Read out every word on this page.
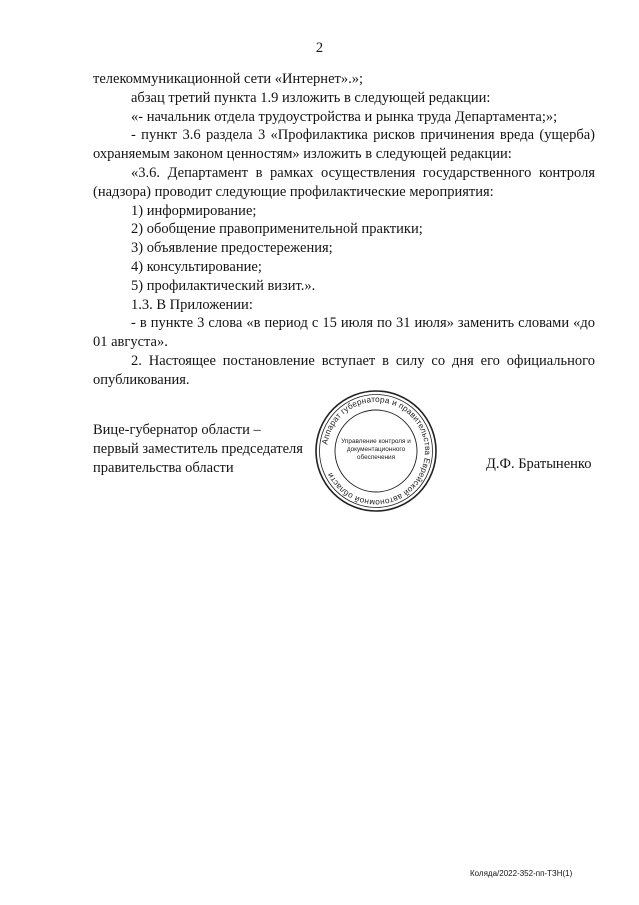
2

телекоммуникационной сети «Интернет».»;

абзац третий пункта 1.9 изложить в следующей редакции:

«- начальник отдела трудоустройства и рынка труда Департамента;»;

- пункт 3.6 раздела 3 «Профилактика рисков причинения вреда (ущерба) охраняемым законом ценностям» изложить в следующей редакции:

«3.6. Департамент в рамках осуществления государственного контроля (надзора) проводит следующие профилактические мероприятия:

1) информирование;

2) обобщение правоприменительной практики;

3) объявление предостережения;

4) консультирование;

5) профилактический визит.».

1.3. В Приложении:

- в пункте 3 слова «в период с 15 июля по 31 июля» заменить словами «до 01 августа».

2. Настоящее постановление вступает в силу со дня его официального опубликования.

Вице-губернатор области –
первый заместитель председателя
правительства области
Аппарат губернатора и правительства Еврейской автономной области
Управление контроля и
документационного
обеспечения	Д.Ф. Братыненко
Коляда/2022-352-пп-ТЗН(1)
